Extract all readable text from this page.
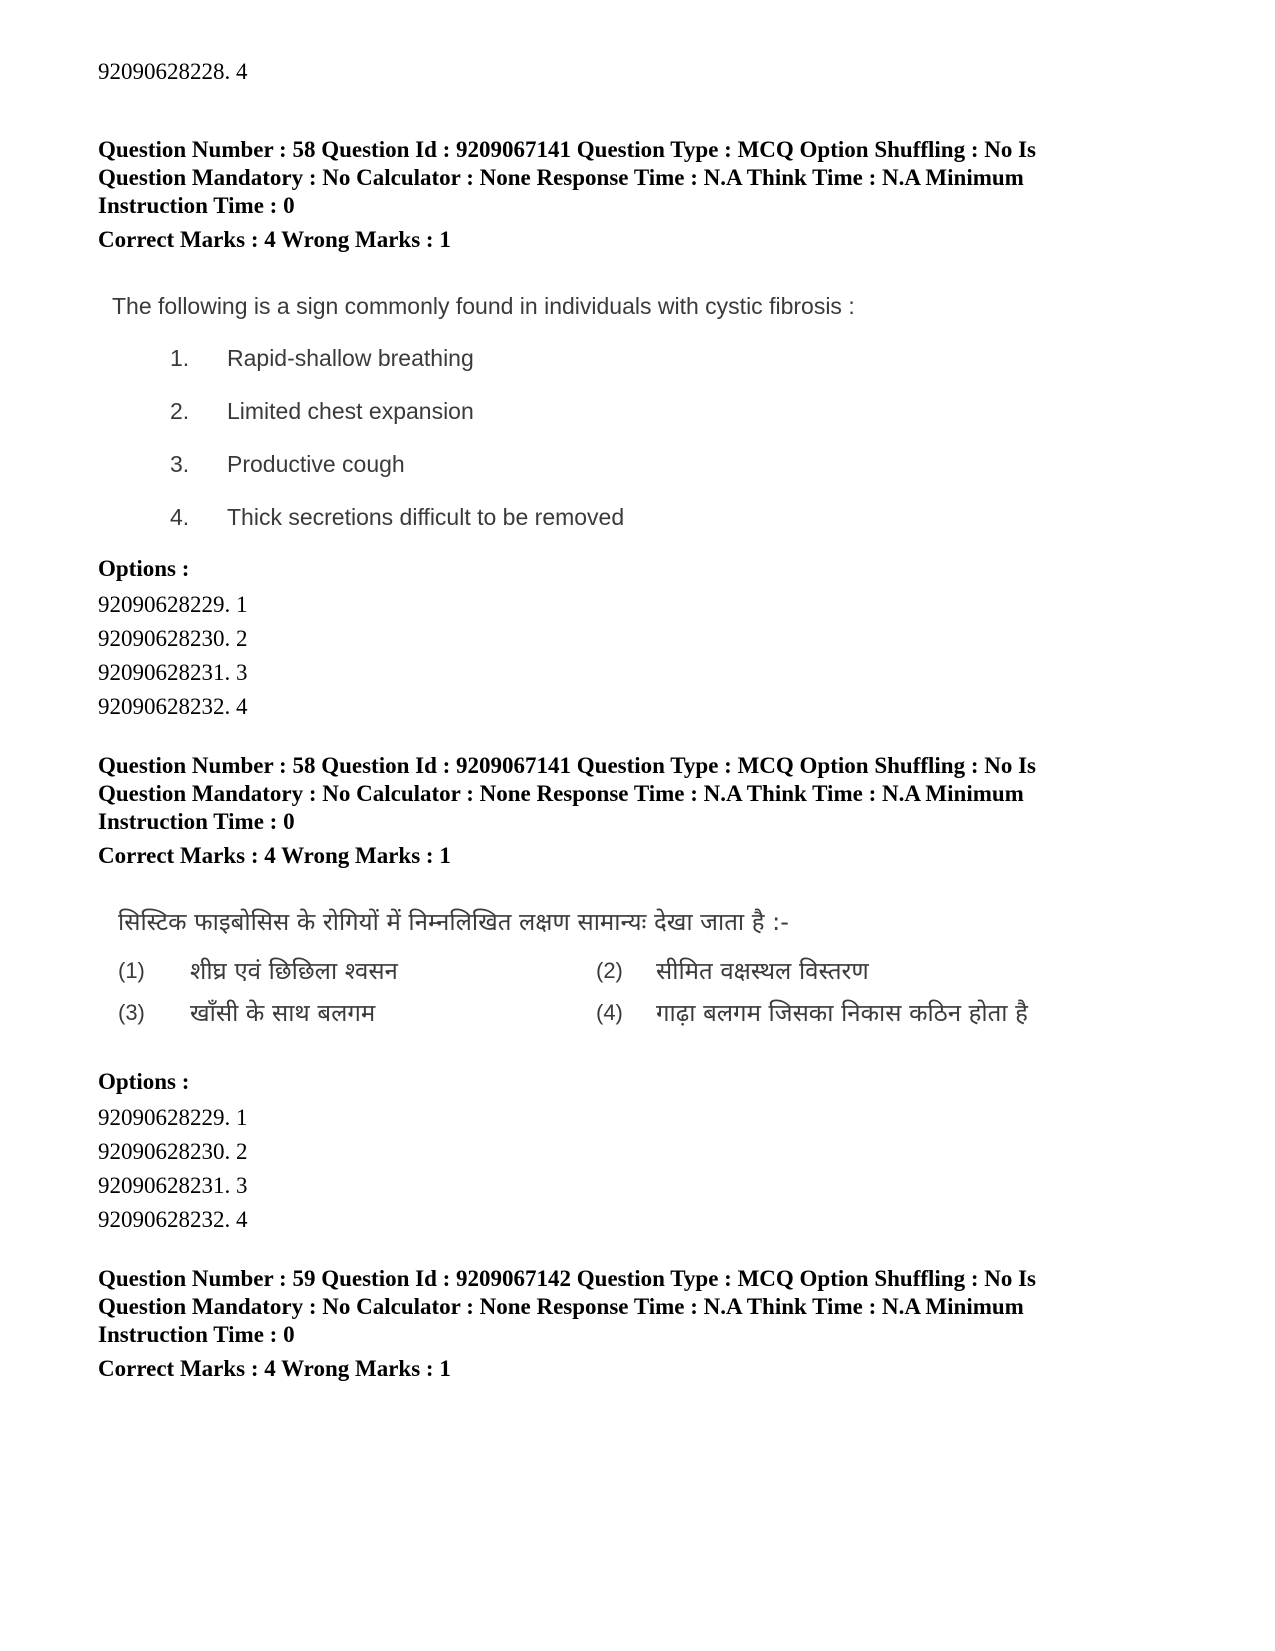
92090628228. 4

Question Number : 58 Question Id : 9209067141 Question Type : MCQ Option Shuffling : No Is

Question Mandatory : No Calculator : None Response Time : N.A Think Time : N.A Minimum

Instruction Time : 0

Correct Marks : 4 Wrong Marks : 1

The following is a sign commonly found in individuals with cystic fibrosis :

1. Rapid-shallow breathing
2. Limited chest expansion
3. Productive cough
4. Thick secretions difficult to be removed

Options :

92090628229. 1
92090628230. 2
92090628231. 3
92090628232. 4

Question Number : 58 Question Id : 9209067141 Question Type : MCQ Option Shuffling : No Is

Question Mandatory : No Calculator : None Response Time : N.A Think Time : N.A Minimum

Instruction Time : 0

Correct Marks : 4 Wrong Marks : 1

सिस्टिक फाइबोसिस के रोगियों में निम्नलिखित लक्षण सामान्यः देखा जाता है :-

(1) शीघ्र एवं छिछिला श्वसन	(2) सीमित वक्षस्थल विस्तरण
(3) खाँसी के साथ बलगम	(4) गाढ़ा बलगम जिसका निकास कठिन होता है

Options :

92090628229. 1
92090628230. 2
92090628231. 3
92090628232. 4

Question Number : 59 Question Id : 9209067142 Question Type : MCQ Option Shuffling : No Is

Question Mandatory : No Calculator : None Response Time : N.A Think Time : N.A Minimum

Instruction Time : 0

Correct Marks : 4 Wrong Marks : 1
